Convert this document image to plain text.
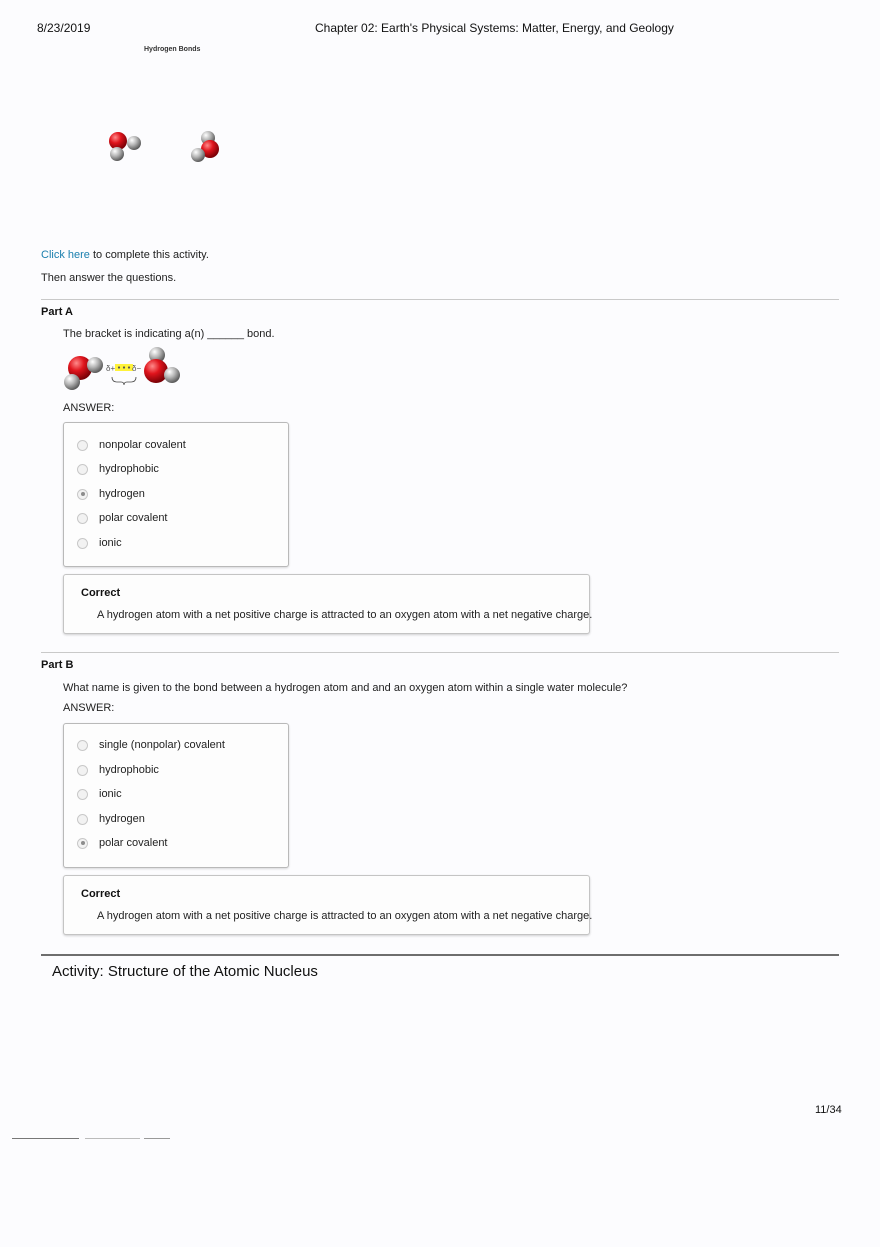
8/23/2019	Chapter 02: Earth's Physical Systems: Matter, Energy, and Geology
Hydrogen Bonds
Click here to complete this activity.
Then answer the questions.
Part A
The bracket is indicating a(n) ______ bond.
δ+ δ−
ANSWER:
nonpolar covalent
hydrophobic
hydrogen
polar covalent
ionic
Correct
A hydrogen atom with a net positive charge is attracted to an oxygen atom with a net negative charge.
Part B
What name is given to the bond between a hydrogen atom and and an oxygen atom within a single water molecule?
ANSWER:
single (nonpolar) covalent
hydrophobic
ionic
hydrogen
polar covalent
Correct
A hydrogen atom with a net positive charge is attracted to an oxygen atom with a net negative charge.
Activity: Structure of the Atomic Nucleus
11/34
